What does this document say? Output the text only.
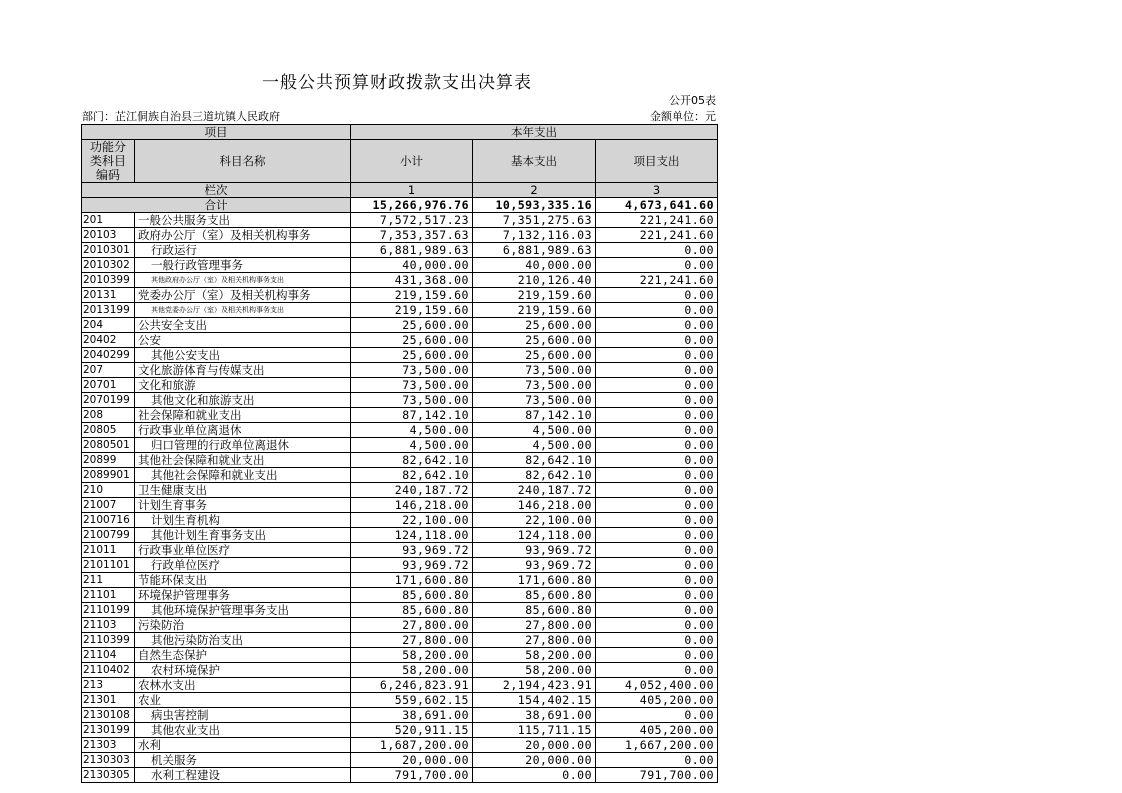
一般公共预算财政拨款支出决算表
公开05表
部门：芷江侗族自治县三道坑镇人民政府	金额单位：元
项目		本年支出		
功能分类科目编码	科目名称	小计	基本支出	项目支出
栏次		1	2	3
合计		15,266,976.76	10,593,335.16	4,673,641.60
201	一般公共服务支出	7,572,517.23	7,351,275.63	221,241.60
20103	政府办公厅（室）及相关机构事务	7,353,357.63	7,132,116.03	221,241.60
2010301	行政运行	6,881,989.63	6,881,989.63	0.00
2010302	一般行政管理事务	40,000.00	40,000.00	0.00
2010399	其他政府办公厅（室）及相关机构事务支出	431,368.00	210,126.40	221,241.60
20131	党委办公厅（室）及相关机构事务	219,159.60	219,159.60	0.00
2013199	其他党委办公厅（室）及相关机构事务支出	219,159.60	219,159.60	0.00
204	公共安全支出	25,600.00	25,600.00	0.00
20402	公安	25,600.00	25,600.00	0.00
2040299	其他公安支出	25,600.00	25,600.00	0.00
207	文化旅游体育与传媒支出	73,500.00	73,500.00	0.00
20701	文化和旅游	73,500.00	73,500.00	0.00
2070199	其他文化和旅游支出	73,500.00	73,500.00	0.00
208	社会保障和就业支出	87,142.10	87,142.10	0.00
20805	行政事业单位离退休	4,500.00	4,500.00	0.00
2080501	归口管理的行政单位离退休	4,500.00	4,500.00	0.00
20899	其他社会保障和就业支出	82,642.10	82,642.10	0.00
2089901	其他社会保障和就业支出	82,642.10	82,642.10	0.00
210	卫生健康支出	240,187.72	240,187.72	0.00
21007	计划生育事务	146,218.00	146,218.00	0.00
2100716	计划生育机构	22,100.00	22,100.00	0.00
2100799	其他计划生育事务支出	124,118.00	124,118.00	0.00
21011	行政事业单位医疗	93,969.72	93,969.72	0.00
2101101	行政单位医疗	93,969.72	93,969.72	0.00
211	节能环保支出	171,600.80	171,600.80	0.00
21101	环境保护管理事务	85,600.80	85,600.80	0.00
2110199	其他环境保护管理事务支出	85,600.80	85,600.80	0.00
21103	污染防治	27,800.00	27,800.00	0.00
2110399	其他污染防治支出	27,800.00	27,800.00	0.00
21104	自然生态保护	58,200.00	58,200.00	0.00
2110402	农村环境保护	58,200.00	58,200.00	0.00
213	农林水支出	6,246,823.91	2,194,423.91	4,052,400.00
21301	农业	559,602.15	154,402.15	405,200.00
2130108	病虫害控制	38,691.00	38,691.00	0.00
2130199	其他农业支出	520,911.15	115,711.15	405,200.00
21303	水利	1,687,200.00	20,000.00	1,667,200.00
2130303	机关服务	20,000.00	20,000.00	0.00
2130305	水利工程建设	791,700.00	0.00	791,700.00
